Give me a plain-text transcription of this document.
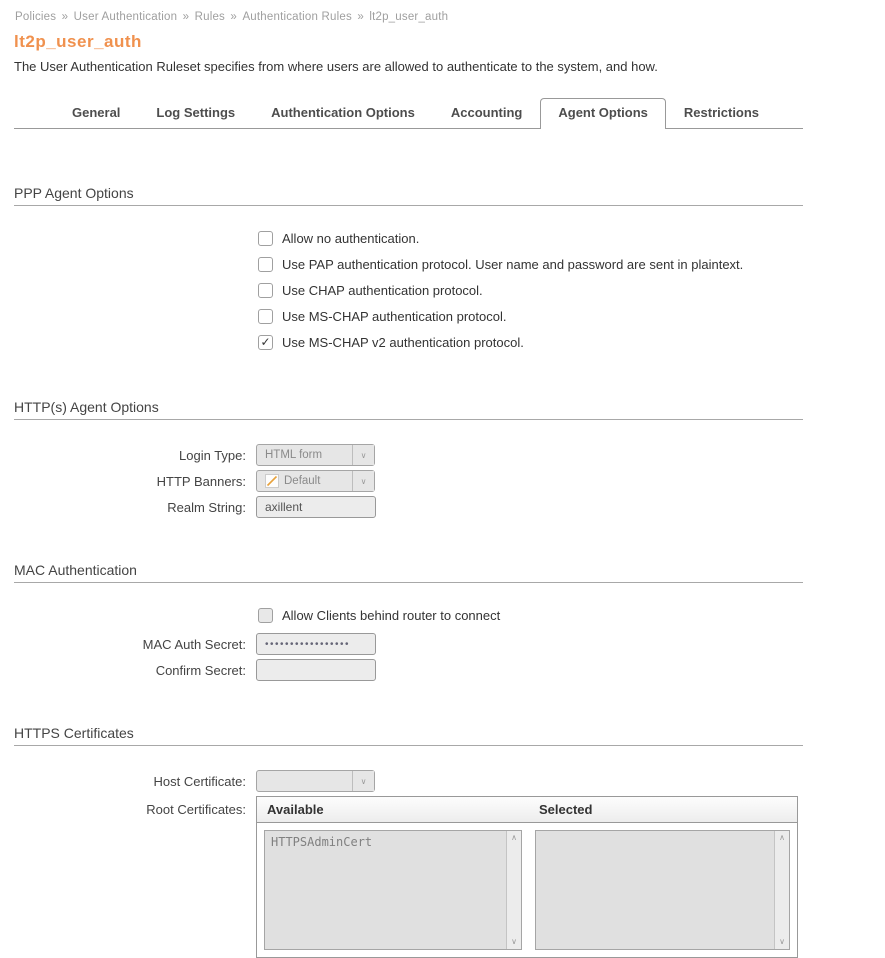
Policies » User Authentication » Rules » Authentication Rules » lt2p_user_auth
lt2p_user_auth
The User Authentication Ruleset specifies from where users are allowed to authenticate to the system, and how.
General	Log Settings	Authentication Options	Accounting	Agent Options	Restrictions
PPP Agent Options
Allow no authentication.
Use PAP authentication protocol. User name and password are sent in plaintext.
Use CHAP authentication protocol.
Use MS-CHAP authentication protocol.
✓ Use MS-CHAP v2 authentication protocol.
HTTP(s) Agent Options
Login Type:	HTML form	∨
HTTP Banners:	Default	∨
Realm String:
axillent
MAC Authentication
Allow Clients behind router to connect
MAC Auth Secret:
•••••••••••••••••
Confirm Secret:
HTTPS Certificates
Host Certificate:	∨
Root Certificates:	Available	Selected
HTTPSAdminCert	∧
∨
∧
∨
